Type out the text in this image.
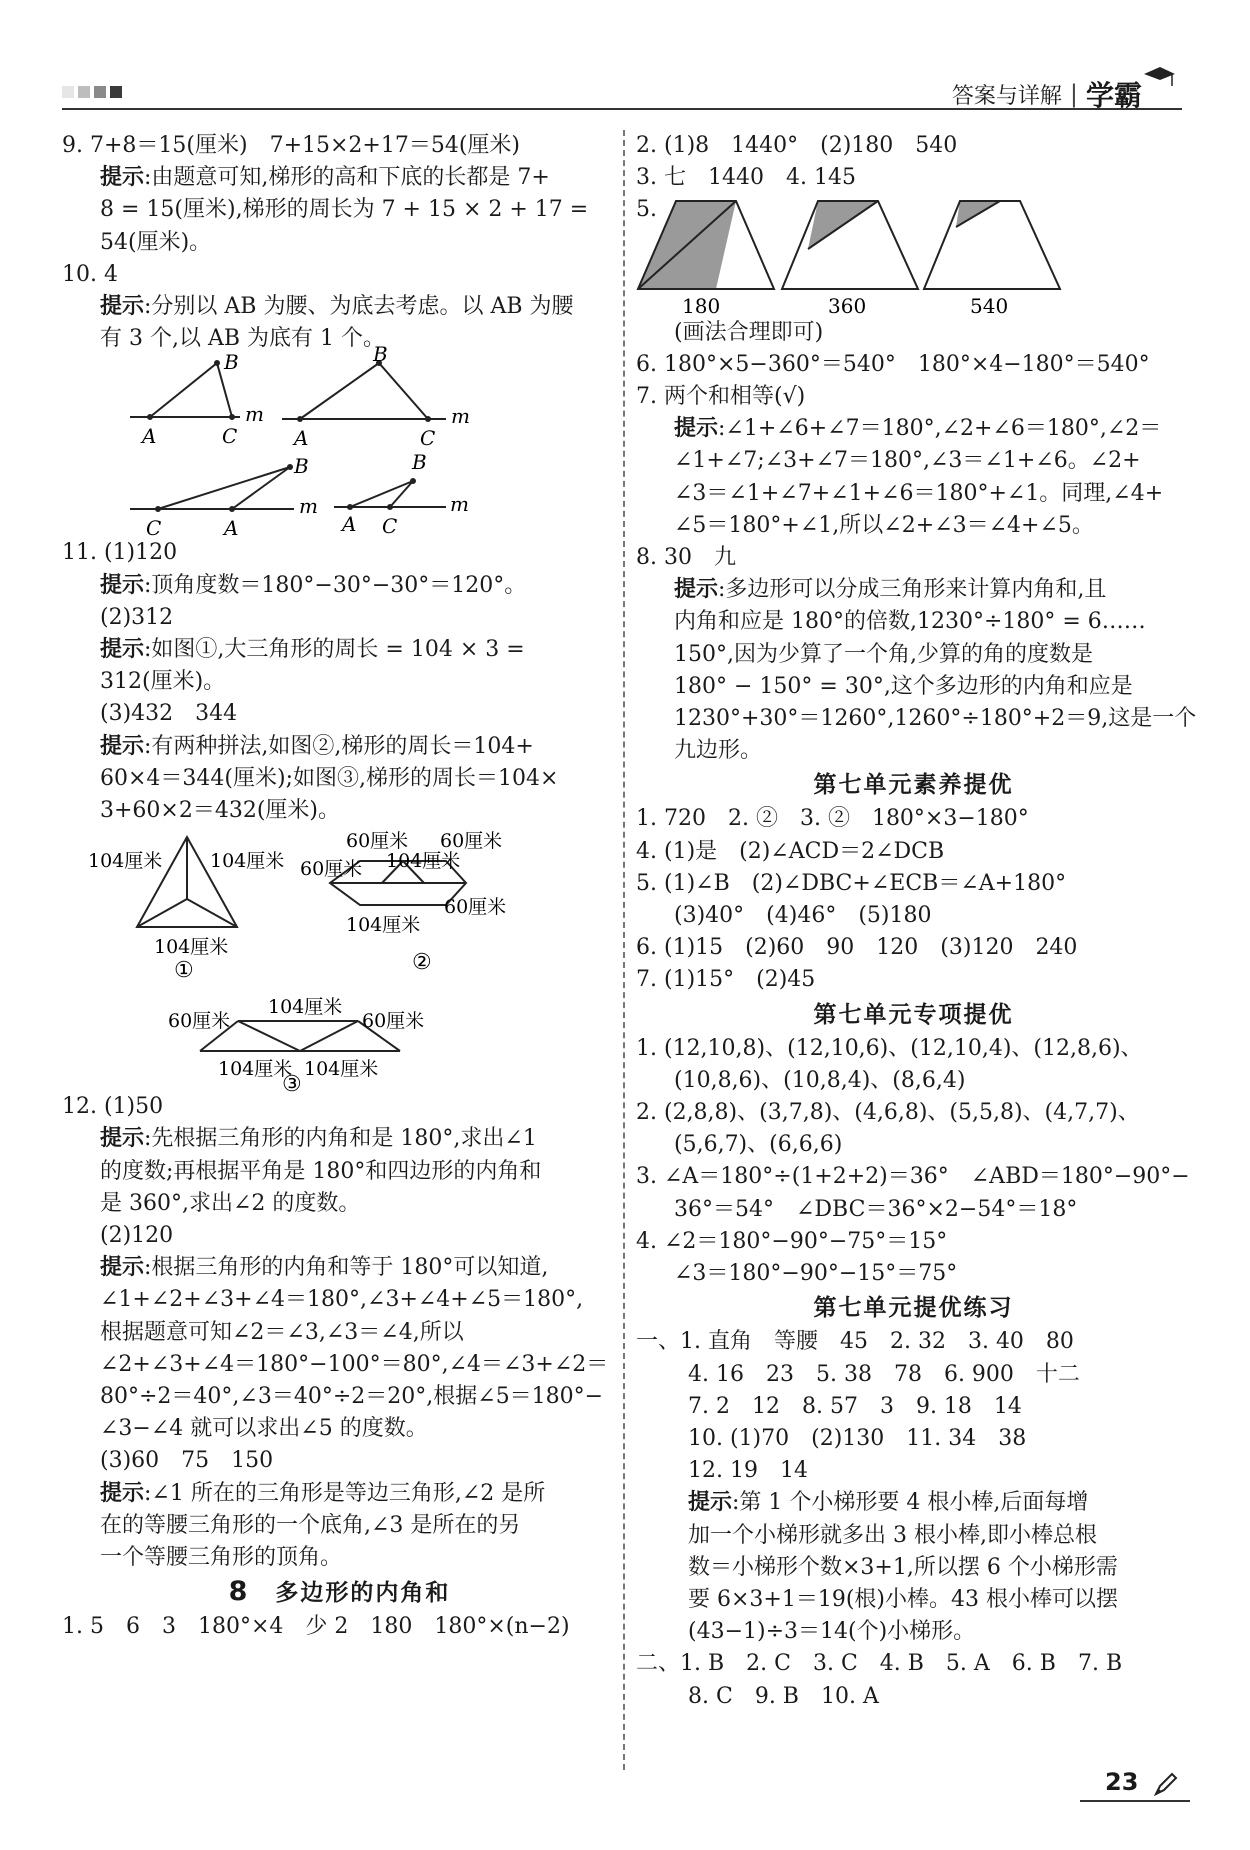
答案与详解 | 学霸
9. 7+8＝15(厘米)　7+15×2+17＝54(厘米)
提示:由题意可知,梯形的高和下底的长都是 7+
8 = 15(厘米),梯形的周长为 7 + 15 × 2 + 17 =
54(厘米)。
10. 4
提示:分别以 AB 为腰、为底去考虑。以 AB 为腰
有 3 个,以 AB 为底有 1 个。
B
A	C
m
B
A	C
m
B
C	A
m
B
A C
m
11. (1)120
提示:顶角度数＝180°−30°−30°＝120°。
(2)312
提示:如图①,大三角形的周长 = 104 × 3 =
312(厘米)。
(3)432　344
提示:有两种拼法,如图②,梯形的周长＝104+
60×4＝344(厘米);如图③,梯形的周长＝104×
3+60×2＝432(厘米)。
104厘米	104厘米
104厘米
①
60厘米 60厘米
60厘米 104厘米
60厘米
104厘米
②
104厘米
60厘米	60厘米
104厘米 104厘米
③
12. (1)50
提示:先根据三角形的内角和是 180°,求出∠1
的度数;再根据平角是 180°和四边形的内角和
是 360°,求出∠2 的度数。
(2)120
提示:根据三角形的内角和等于 180°可以知道,
∠1+∠2+∠3+∠4＝180°,∠3+∠4+∠5＝180°,
根据题意可知∠2＝∠3,∠3＝∠4,所以
∠2+∠3+∠4＝180°−100°＝80°,∠4＝∠3+∠2＝
80°÷2＝40°,∠3＝40°÷2＝20°,根据∠5＝180°−
∠3−∠4 就可以求出∠5 的度数。
(3)60　75　150
提示:∠1 所在的三角形是等边三角形,∠2 是所
在的等腰三角形的一个底角,∠3 是所在的另
一个等腰三角形的顶角。
8 多边形的内角和
1. 5　6　3　180°×4　少 2　180　180°×(n−2)
2. (1)8　1440°　(2)180　540
3. 七　1440　4. 145
5.
180	360	540
(画法合理即可)
6. 180°×5−360°＝540°　180°×4−180°＝540°
7. 两个和相等(√)
提示:∠1+∠6+∠7＝180°,∠2+∠6＝180°,∠2＝
∠1+∠7;∠3+∠7＝180°,∠3＝∠1+∠6。∠2+
∠3＝∠1+∠7+∠1+∠6＝180°+∠1。同理,∠4+
∠5＝180°+∠1,所以∠2+∠3＝∠4+∠5。
8. 30　九
提示:多边形可以分成三角形来计算内角和,且
内角和应是 180°的倍数,1230°÷180° = 6……
150°,因为少算了一个角,少算的角的度数是
180° − 150° = 30°,这个多边形的内角和应是
1230°+30°＝1260°,1260°÷180°+2＝9,这是一个
九边形。
第七单元素养提优
1. 720　2. ②　3. ②　180°×3−180°
4. (1)是　(2)∠ACD＝2∠DCB
5. (1)∠B　(2)∠DBC+∠ECB＝∠A+180°
(3)40°　(4)46°　(5)180
6. (1)15　(2)60　90　120　(3)120　240
7. (1)15°　(2)45
第七单元专项提优
1. (12,10,8)、(12,10,6)、(12,10,4)、(12,8,6)、
(10,8,6)、(10,8,4)、(8,6,4)
2. (2,8,8)、(3,7,8)、(4,6,8)、(5,5,8)、(4,7,7)、
(5,6,7)、(6,6,6)
3. ∠A＝180°÷(1+2+2)＝36°　∠ABD＝180°−90°−
36°＝54°　∠DBC＝36°×2−54°＝18°
4. ∠2＝180°−90°−75°＝15°
∠3＝180°−90°−15°＝75°
第七单元提优练习
一、1. 直角　等腰　45　2. 32　3. 40　80
4. 16　23　5. 38　78　6. 900　十二
7. 2　12　8. 57　3　9. 18　14
10. (1)70　(2)130　11. 34　38
12. 19　14
提示:第 1 个小梯形要 4 根小棒,后面每增
加一个小梯形就多出 3 根小棒,即小棒总根
数＝小梯形个数×3+1,所以摆 6 个小梯形需
要 6×3+1＝19(根)小棒。43 根小棒可以摆
(43−1)÷3＝14(个)小梯形。
二、1. B　2. C　3. C　4. B　5. A　6. B　7. B
8. C　9. B　10. A
23
